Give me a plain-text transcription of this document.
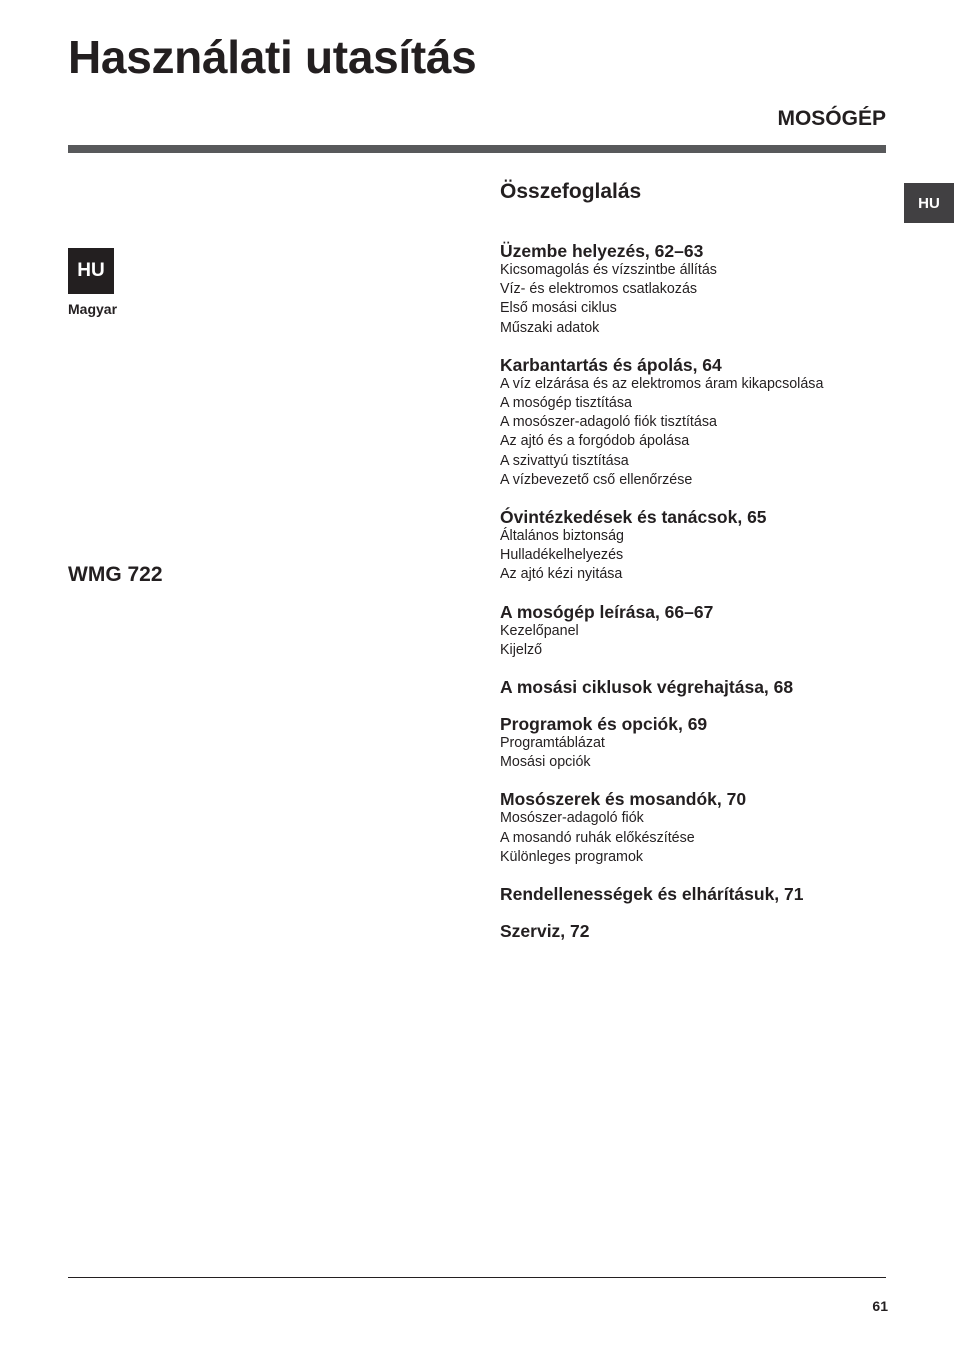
Használati utasítás
MOSÓGÉP
HU
HU
Magyar
WMG 722
Összefoglalás
Üzembe helyezés, 62–63
Kicsomagolás és vízszintbe állítás
Víz- és elektromos csatlakozás
Első mosási ciklus
Műszaki adatok
Karbantartás és ápolás, 64
A víz elzárása és az elektromos áram kikapcsolása
A mosógép tisztítása
A mosószer-adagoló fiók tisztítása
Az ajtó és a forgódob ápolása
A szivattyú tisztítása
A vízbevezető cső ellenőrzése
Óvintézkedések és tanácsok, 65
Általános biztonság
Hulladékelhelyezés
Az ajtó kézi nyitása
A mosógép leírása, 66–67
Kezelőpanel
Kijelző
A mosási ciklusok végrehajtása, 68
Programok és opciók, 69
Programtáblázat
Mosási opciók
Mosószerek és mosandók, 70
Mosószer-adagoló fiók
A mosandó ruhák előkészítése
Különleges programok
Rendellenességek és elhárításuk, 71
Szerviz, 72
61
